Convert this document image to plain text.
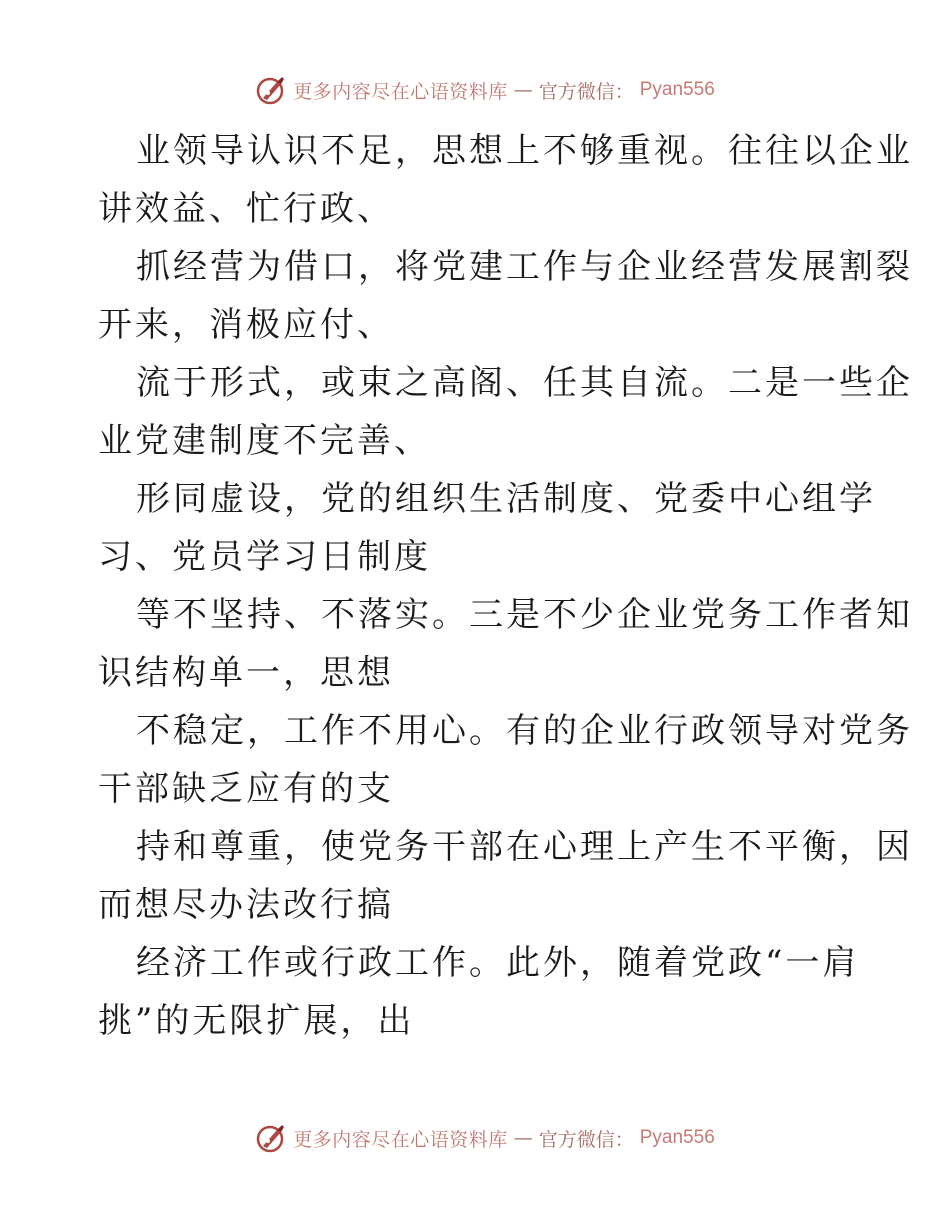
更多内容尽在心语资料库 — 官方微信： Pyan556
业领导认识不足，思想上不够重视。往往以企业
讲效益、忙行政、
抓经营为借口，将党建工作与企业经营发展割裂
开来，消极应付、
流于形式，或束之高阁、任其自流。二是一些企
业党建制度不完善、
形同虚设，党的组织生活制度、党委中心组学
习、党员学习日制度
等不坚持、不落实。三是不少企业党务工作者知
识结构单一，思想
不稳定，工作不用心。有的企业行政领导对党务
干部缺乏应有的支
持和尊重，使党务干部在心理上产生不平衡，因
而想尽办法改行搞
经济工作或行政工作。此外，随着党政“一肩
挑”的无限扩展，出
更多内容尽在心语资料库 — 官方微信： Pyan556
